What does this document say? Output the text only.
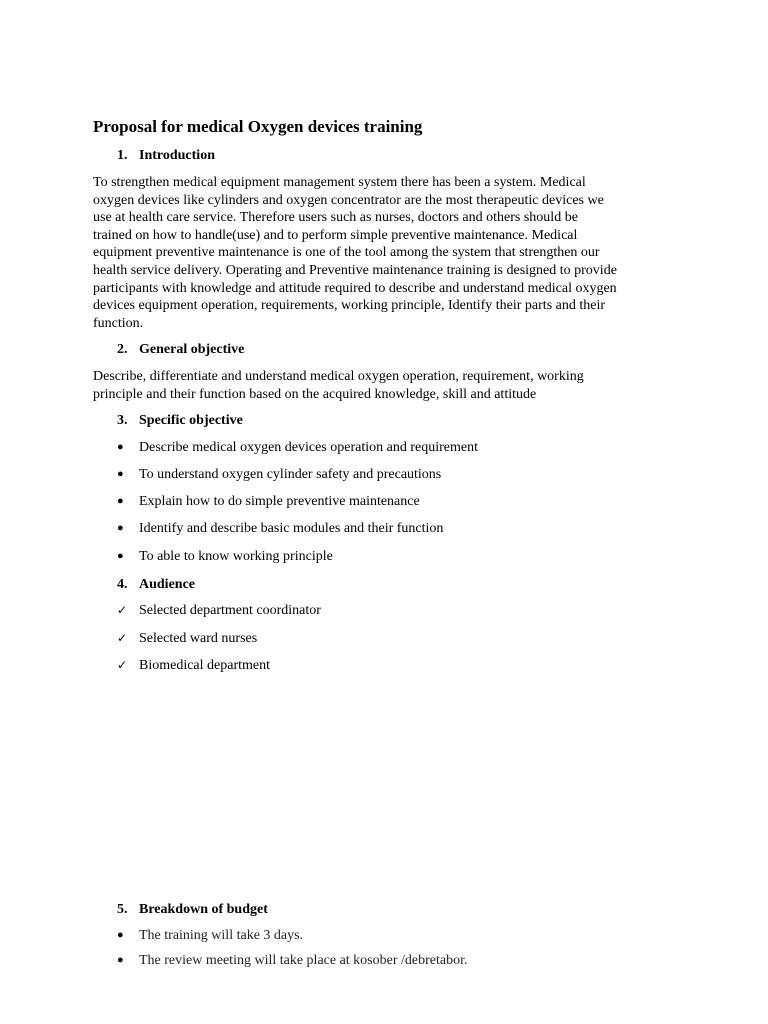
Proposal for medical Oxygen devices training
1. Introduction
To strengthen medical equipment management system there has been a system. Medical
oxygen devices like cylinders and oxygen concentrator are the most therapeutic devices we
use at health care service. Therefore users such as nurses, doctors and others should be
trained on how to handle(use) and to perform simple preventive maintenance. Medical
equipment preventive maintenance is one of the tool among the system that strengthen our
health service delivery. Operating and Preventive maintenance training is designed to provide
participants with knowledge and attitude required to describe and understand medical oxygen
devices equipment operation, requirements, working principle, Identify their parts and their
function.
2. General objective
Describe, differentiate and understand medical oxygen operation, requirement, working
principle and their function based on the acquired knowledge, skill and attitude
3. Specific objective
● Describe medical oxygen devices operation and requirement
● To understand oxygen cylinder safety and precautions
● Explain how to do simple preventive maintenance
● Identify and describe basic modules and their function
● To able to know working principle
4. Audience
✓ Selected department coordinator
✓ Selected ward nurses
✓ Biomedical department
5. Breakdown of budget
● The training will take 3 days.
● The review meeting will take place at kosober /debretabor.
